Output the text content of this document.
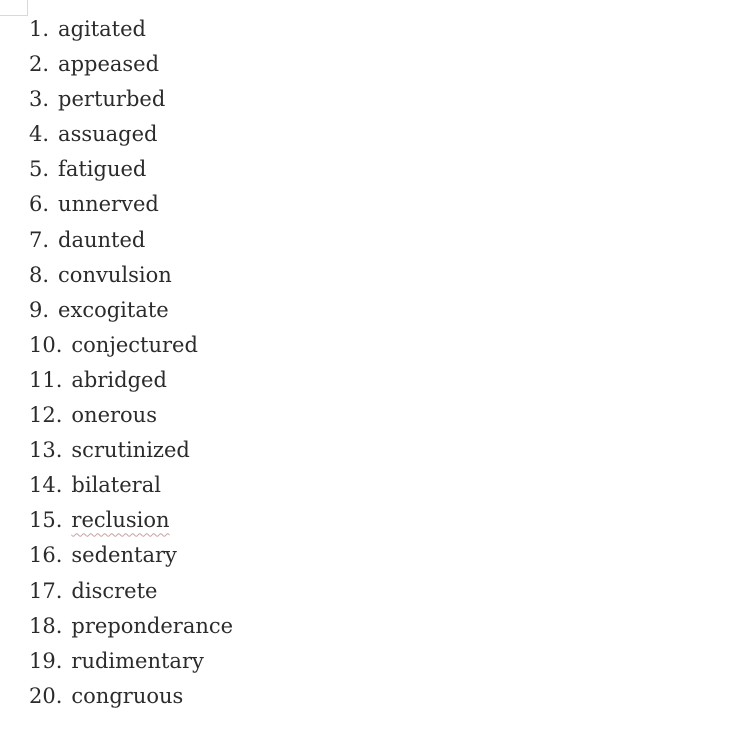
1. agitated
2. appeased
3. perturbed
4. assuaged
5. fatigued
6. unnerved
7. daunted
8. convulsion
9. excogitate
10. conjectured
11. abridged
12. onerous
13. scrutinized
14. bilateral
15. reclusion
16. sedentary
17. discrete
18. preponderance
19. rudimentary
20. congruous
